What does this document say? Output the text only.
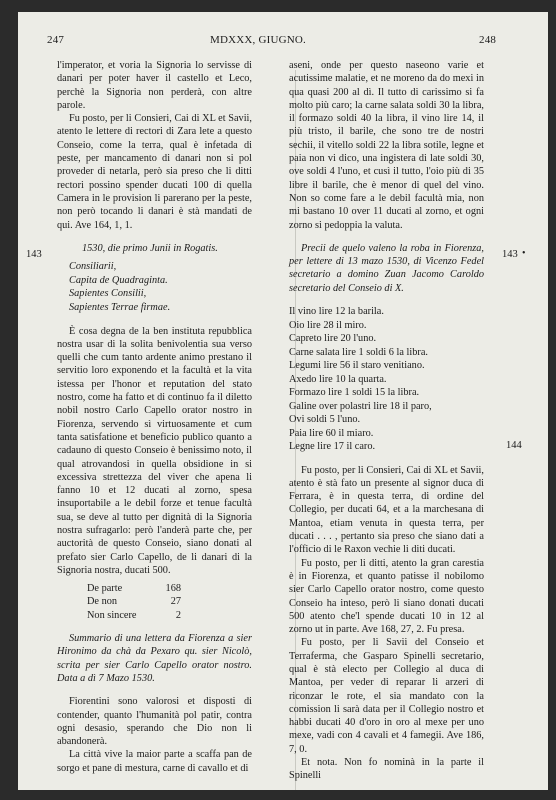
247	MDXXX, GIUGNO.	248
143	143 •
144

l'imperator, et voria la Signoria lo servisse di danari per poter haver il castello et Leco, perchè la Signoria non perderà, con altre parole.

Fu posto, per li Consieri, Cai di XL et Savii, atento le lettere di rectori di Zara lete a questo Conseio, come la terra, qual è infetada di peste, per mancamento di danari non si pol proveder di netarla, però sia preso che li ditti rectori possino spender ducati 100 di quella Camera in le provision li parerano per la peste, non però tocando li danari è stà mandati de qui. Ave 164, 1, 1.

1530, die primo Junii in Rogatis.

Consiliarii,
Capita de Quadraginta.
Sapientes Consilii,
Sapientes Terrae firmae.

È cosa degna de la ben instituta repubblica nostra usar di la solita benivolentia sua verso quelli che cum tanto ardente animo prestano il servitio loro exponendo et la facultà et la vita istessa per l'honor et reputation del stato nostro, come ha fatto et di continuo fa il diletto nobil nostro Carlo Capello orator nostro in Fiorenza, servendo sì virtuosamente et cum tanta satisfatione et beneficio publico quanto a cadauno di questo Conseio è benissimo noto, il qual atrovandosi in quella obsidione in si excessiva strettezza del viver che apena li fanno 10 et 12 ducati al zorno, spesa insuportabile a le debil forze et tenue facultà sua, se deve al tutto per dignità di la Signoria nostra sufragarlo: però l'anderà parte che, per auctorità de questo Conseio, siano donati al prefato sier Carlo Capello, de li danari di la Signoria nostra, ducati 500.

De parte	168
De non	27
Non sincere	2

Summario di una lettera da Fiorenza a sier Hironimo da chà da Pexaro qu. sier Nicolò, scrita per sier Carlo Capello orator nostro. Data a dì 7 Mazo 1530.

Fiorentini sono valorosi et disposti di contender, quanto l'humanità pol patir, contra ogni desasio, sperando che Dio non li abandonerà.

La città vive la maior parte a scaffa pan de sorgo et pane di mestura, carne di cavallo et di

aseni, onde per questo naseono varie et acutissime malatie, et ne moreno da do mexi in qua quasi 200 al dì. Il tutto di carissimo si fa molto più caro; la carne salata soldi 30 la libra, il formazo soldi 40 la libra, il vino lire 14, il più tristo, il barile, che sono tre de nostri sechii, il vitello soldi 22 la libra sotile, legne et paia non vi dico, una ingistera di late soldi 30, ove soldi 4 l'uno, et cusì il tutto, l'oio più di 35 libre il barile, che è menor di quel del vino. Non so come fare a le debil facultà mia, non mi bastano 10 over 11 ducati al zorno, et ogni zorno si pedoppia la valuta.

Precii de quelo valeno la roba in Fiorenza, per lettere di 13 mazo 1530, di Vicenzo Fedel secretario a domino Zuan Jacomo Caroldo secretario del Conseio di X.

Il vino lire 12 la barila.
Oio lire 28 il miro.
Capreto lire 20 l'uno.
Carne salata lire 1 soldi 6 la libra.
Legumi lire 56 il staro venitiano.
Axedo lire 10 la quarta.
Formazo lire 1 soldi 15 la libra.
Galine over polastri lire 18 il paro,
Ovi soldi 5 l'uno.
Paia lire 60 il miaro.
Legne lire 17 il caro.

Fu posto, per li Consieri, Cai di XL et Savii, atento è stà fato un presente al signor duca di Ferrara, è in questa terra, di ordine del Collegio, per ducati 64, et a la marchesana di Mantoa, etiam venuta in questa terra, per ducati . . . , pertanto sia preso che siano dati a l'officio di le Raxon vechie li diti ducati.

Fu posto, per li ditti, atento la gran carestia è in Fiorenza, et quanto patisse il nobilomo sier Carlo Capello orator nostro, come questo Conseio ha inteso, però li siano donati ducati 500 atento che'l spende ducati 10 in 12 al zorno ut in parte. Ave 168, 27, 2. Fu presa.

Fu posto, per li Savii del Conseio et Terraferma, che Gasparo Spinelli secretario, qual è stà electo per Collegio al duca di Mantoa, per veder di reparar li arzeri di riconzar le rote, el sia mandato con la comission li sarà data per il Collegio nostro et habbi ducati 40 d'oro in oro al mexe per uno mexe, vadi con 4 cavali et 4 famegii. Ave 186, 7, 0.

Et nota. Non fo nominà in la parte il Spinelli
